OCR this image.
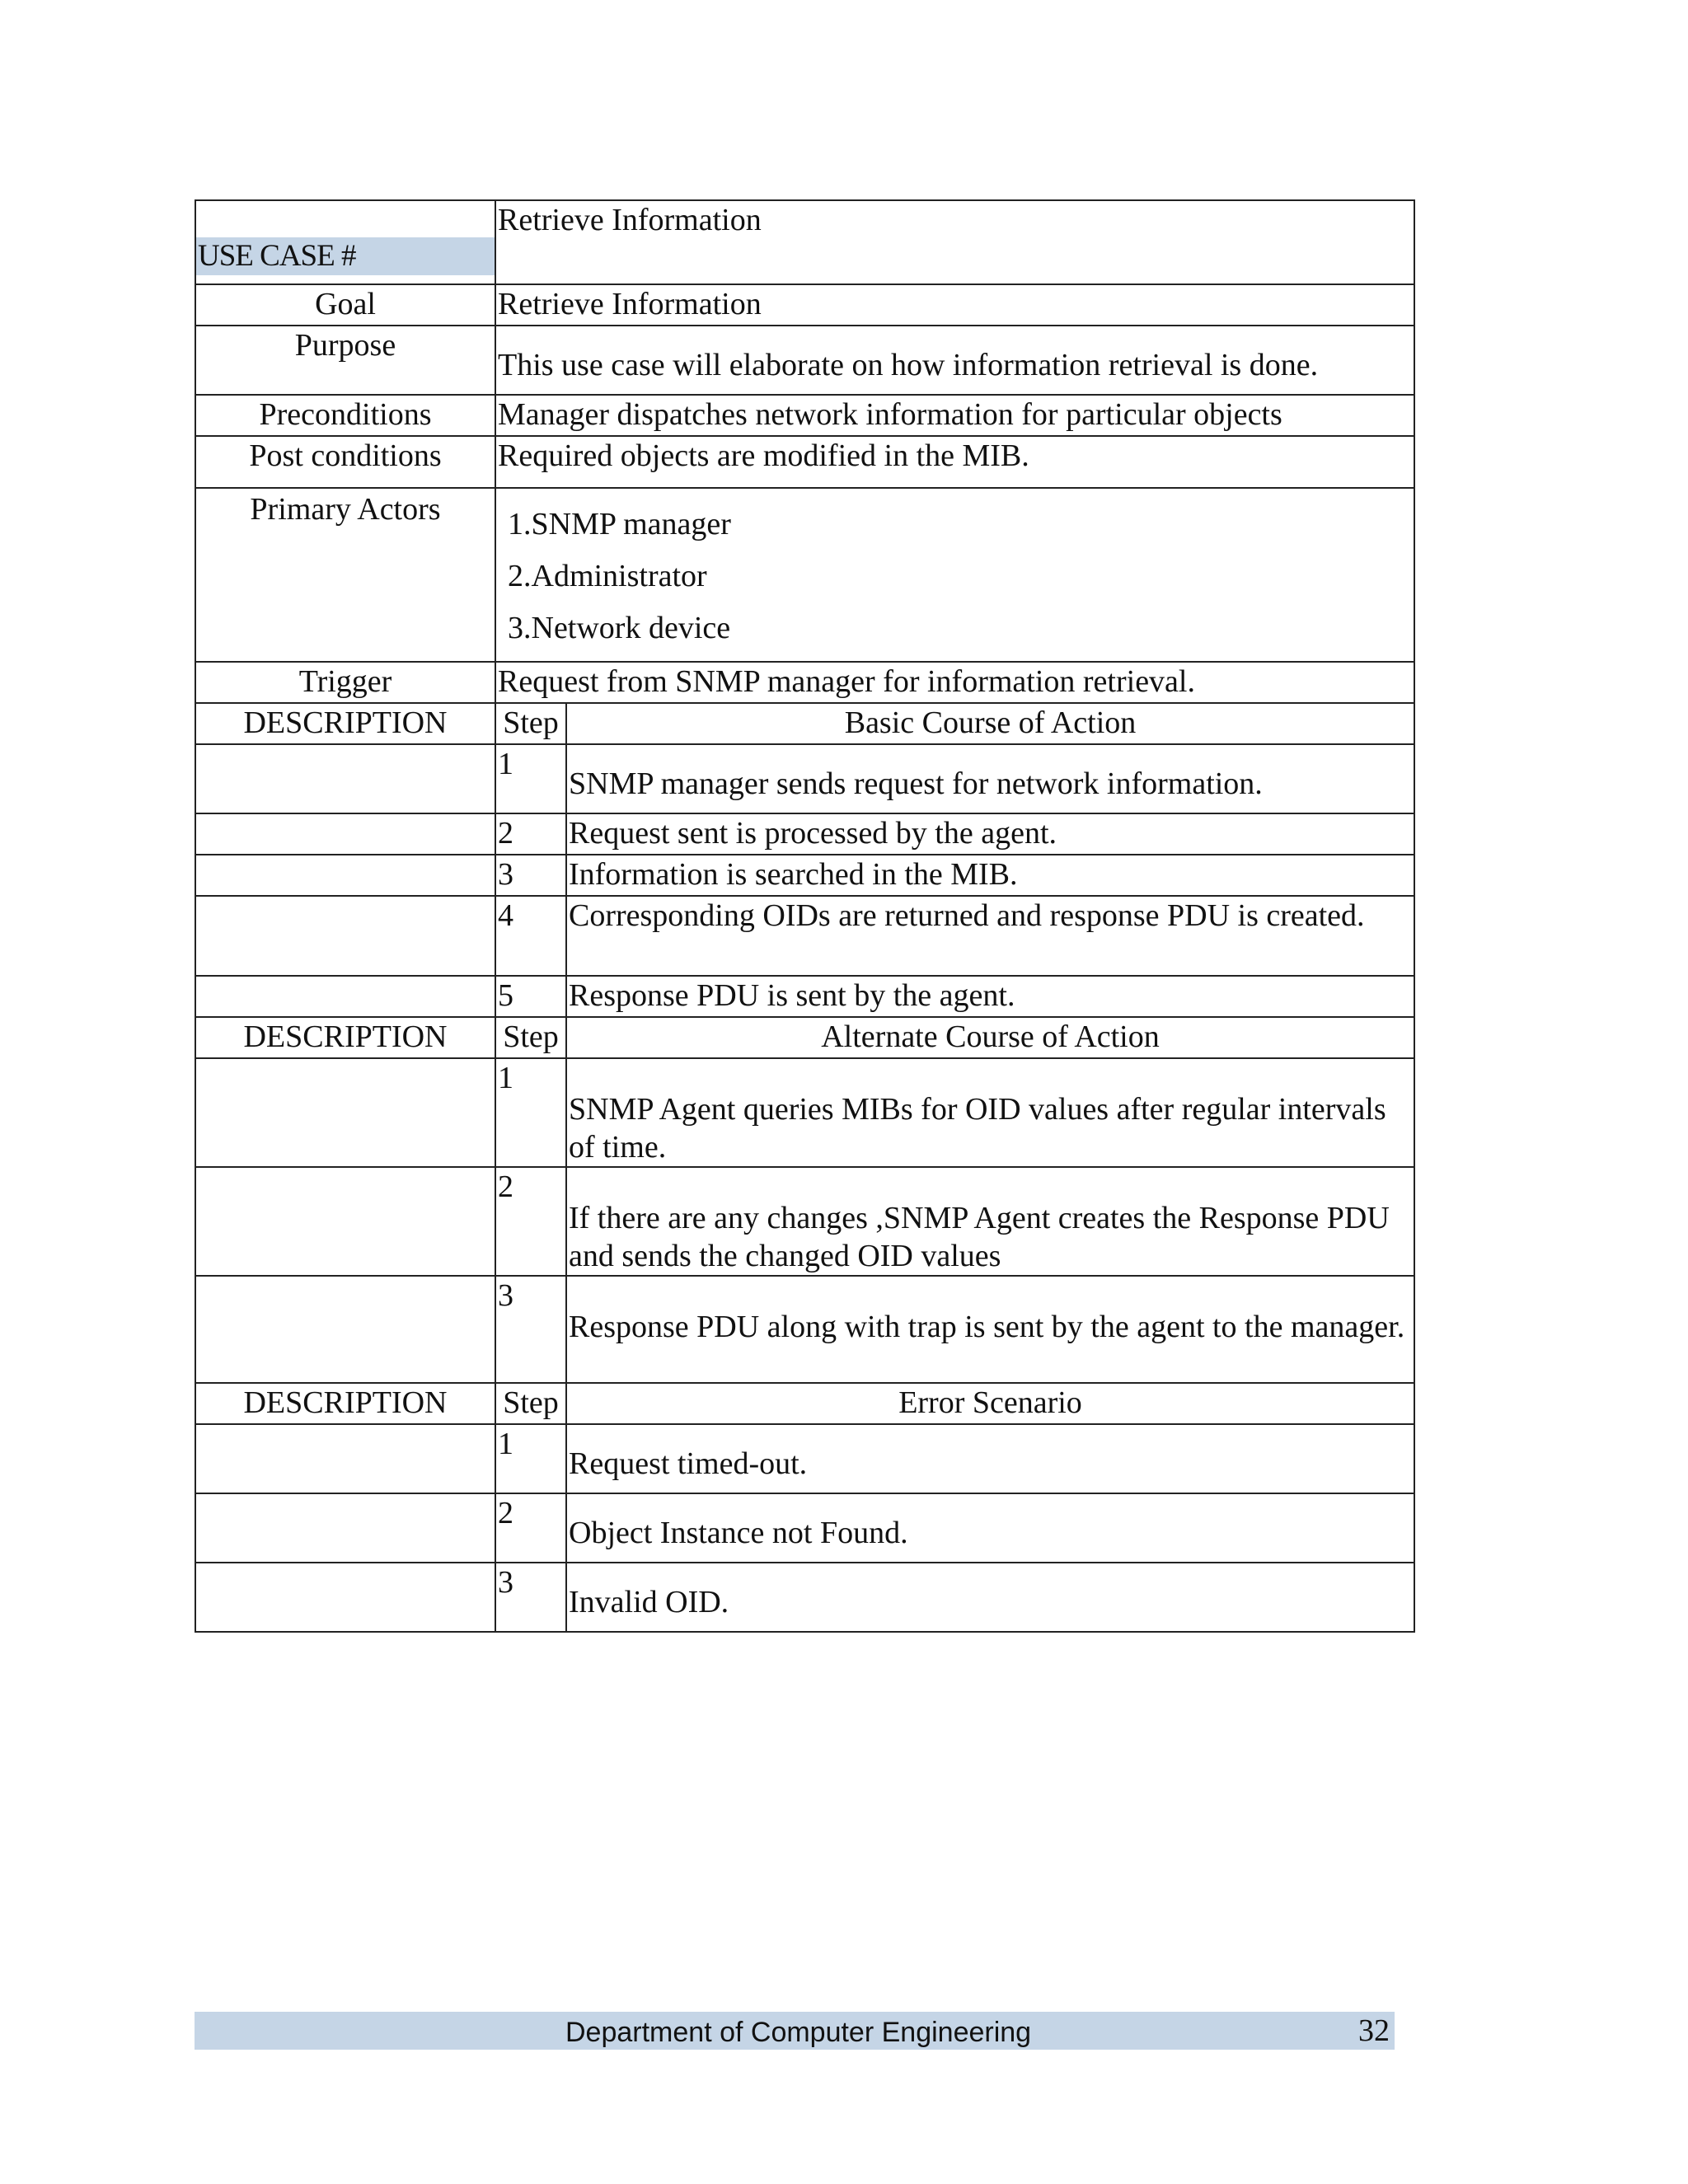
USE CASE #	Retrieve Information	
Goal	Retrieve Information	
Purpose	This use case will elaborate on how information retrieval is done.	
Preconditions	Manager dispatches network information for particular objects	
Post conditions	Required objects are modified in the MIB.	
Primary Actors	1.SNMP manager
2.Administrator
3.Network device	

Trigger	Request from SNMP manager for information retrieval.	
DESCRIPTION	Step	Basic Course of Action
	1	SNMP manager sends request for network information.
	2	Request sent is processed by the agent.
	3	Information is searched in the MIB.
	4	Corresponding OIDs are returned and response PDU is created.
	5	Response PDU is sent by the agent.
DESCRIPTION	Step	Alternate Course of Action
	1	SNMP Agent queries MIBs for OID values after regular intervals of time.
	2	If there are any changes ,SNMP Agent creates the Response PDU and sends the changed OID values
	3	Response PDU along with trap is sent by the agent to the manager.
DESCRIPTION	Step	Error Scenario
	1	Request timed-out.
	2	Object Instance not Found.
	3	Invalid OID.
Department of Computer Engineering	32
